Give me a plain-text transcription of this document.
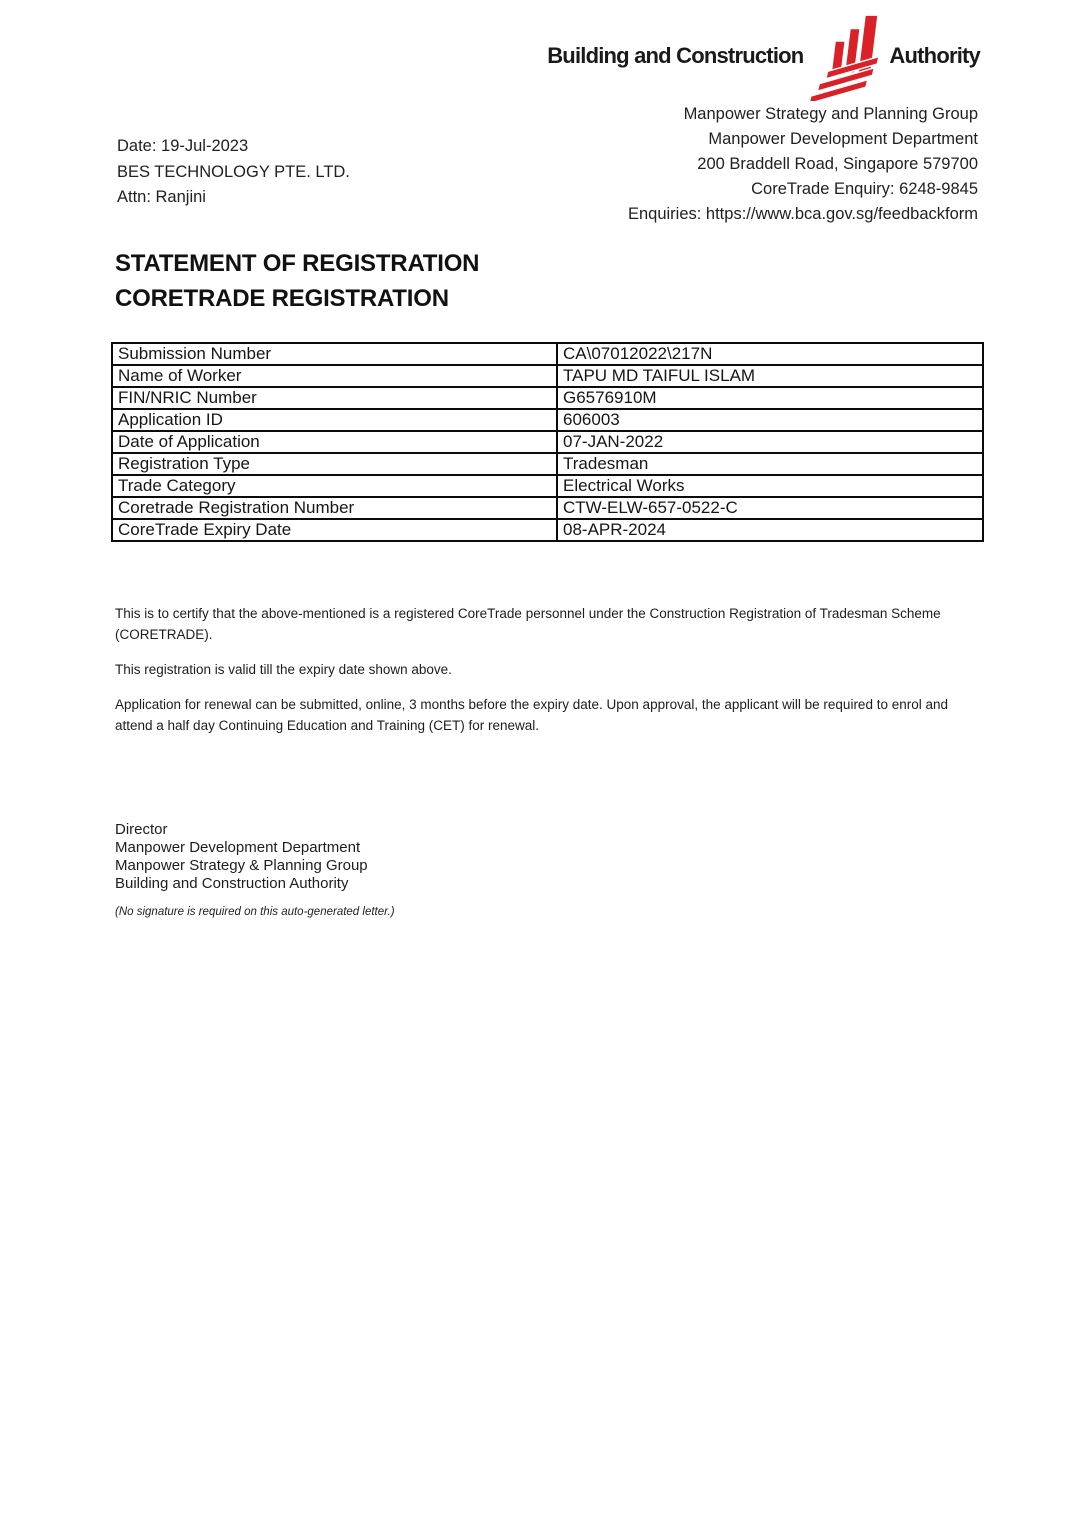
Building and Construction	Authority
Manpower Strategy and Planning Group
Manpower Development Department
200 Braddell Road, Singapore 579700
CoreTrade Enquiry: 6248-9845
Enquiries: https://www.bca.gov.sg/feedbackform
Date: 19-Jul-2023
BES TECHNOLOGY PTE. LTD.
Attn: Ranjini
STATEMENT OF REGISTRATION
CORETRADE REGISTRATION
Submission Number	CA\07012022\217N
Name of Worker	TAPU MD TAIFUL ISLAM
FIN/NRIC Number	G6576910M
Application ID	606003
Date of Application	07-JAN-2022
Registration Type	Tradesman
Trade Category	Electrical Works
Coretrade Registration Number	CTW-ELW-657-0522-C
CoreTrade Expiry Date	08-APR-2024

This is to certify that the above-mentioned is a registered CoreTrade personnel under the Construction Registration of Tradesman Scheme (CORETRADE).

This registration is valid till the expiry date shown above.

Application for renewal can be submitted, online, 3 months before the expiry date. Upon approval, the applicant will be required to enrol and attend a half day Continuing Education and Training (CET) for renewal.

Director
Manpower Development Department
Manpower Strategy & Planning Group
Building and Construction Authority
(No signature is required on this auto-generated letter.)
